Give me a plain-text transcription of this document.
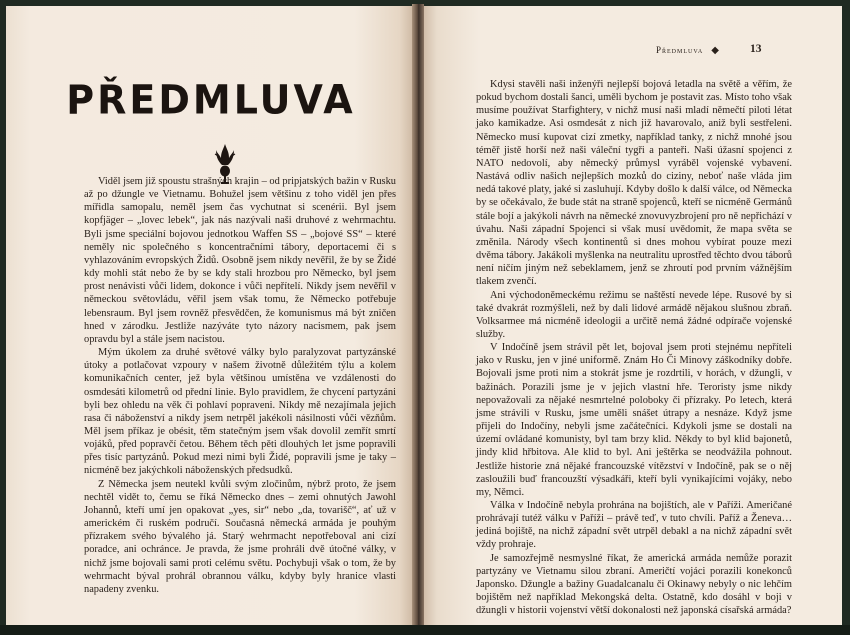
PŘEDMLUVA

Viděl jsem již spoustu strašných krajin – od pripjatských bažin v Rusku až po džungle ve Vietnamu. Bohužel jsem většinu z toho viděl jen přes mířidla samopalu, neměl jsem čas vychutnat si scenérii. Byl jsem kopfjäger – „lovec lebek“, jak nás nazývali naši druhové z wehrmachtu. Byli jsme speciální bojovou jednotkou Waffen SS – „bojové SS“ – které neměly nic společného s koncentračními tábory, deportacemi či s vyhlazováním evropských Židů. Osobně jsem nikdy nevěřil, že by se Židé kdy mohli stát nebo že by se kdy stali hrozbou pro Německo, byl jsem prost nenávisti vůči lidem, dokonce i vůči nepřítelí. Nikdy jsem nevěřil v německou světovládu, věřil jsem však tomu, že Německo potřebuje lebensraum. Byl jsem rovněž přesvědčen, že komunismus má být zničen hned v zárodku. Jestliže nazýváte tyto názory nacismem, pak jsem opravdu byl a stále jsem nacistou.

Mým úkolem za druhé světové války bylo paralyzovat partyzánské útoky a potlačovat vzpoury v našem životně důležitém týlu a kolem komunikačních center, jež byla většinou umístěna ve vzdálenosti do osmdesáti kilometrů od přední linie. Bylo pravidlem, že chycení partyzáni byli bez ohledu na věk či pohlaví popraveni. Nikdy mě nezajímala jejich rasa či náboženství a nikdy jsem netrpěl jakékoli násilnosti vůči vězňům. Měl jsem příkaz je obésit, těm statečným jsem však dovolil zemřít smrtí vojáků, před popravčí četou. Během těch pěti dlouhých let jsme popravili přes tisíc partyzánů. Pokud mezi nimi byli Židé, popravili jsme je taky – nicméně bez jakýchkoli náboženských předsudků.

Z Německa jsem neutekl kvůli svým zločinům, nýbrž proto, že jsem nechtěl vidět to, čemu se říká Německo dnes – zemi ohnutých Jawohl Johannů, kteří umí jen opakovat „yes, sir“ nebo „da, tovarišč“, ať už v americkém či ruském područí. Současná německá armáda je pouhým přízrakem svého bývalého já. Starý wehrmacht nepotřeboval ani cizí poradce, ani ochránce. Je pravda, že jsme prohráli dvě útočné války, v nichž jsme bojovali sami proti celému světu. Pochybuji však o tom, že by wehrmacht býval prohrál obrannou válku, kdyby byly hranice vlasti napadeny zvenku.

Předmluva ◆	13

Kdysi stavěli naši inženýři nejlepší bojová letadla na světě a věřím, že pokud bychom dostali šanci, uměli bychom je postavit zas. Místo toho však musíme používat Starfightery, v nichž musí naši mladí němečtí piloti létat jako kamikadze. Asi osmdesát z nich již havarovalo, aniž byli sestřeleni. Německo musí kupovat cizí zmetky, například tanky, z nichž mnohé jsou téměř jistě horší než naši váleční tygři a panteři. Naši úžasní spojenci z NATO nedovolí, aby německý průmysl vyráběl vojenské vybavení. Nastává odliv našich nejlepších mozků do ciziny, neboť naše vláda jim nedá takové platy, jaké si zasluhují. Kdyby došlo k další válce, od Německa by se očekávalo, že bude stát na straně spojenců, kteří se nicméně Germánů stále bojí a jakýkoli návrh na německé znovuvyzbrojení pro ně nepřichází v úvahu. Naši západní Spojenci si však musí uvědomit, že mapa světa se změnila. Národy všech kontinentů si dnes mohou vybírat pouze mezi dvěma tábory. Jakákoli myšlenka na neutralitu uprostřed těchto dvou táborů není ničím jiným než sebeklamem, jenž se zhroutí pod prvním vážnějším tlakem zvenčí.

Ani východoněmeckému režimu se naštěstí nevede lépe. Rusové by si také dvakrát rozmýšleli, než by dali lidové armádě nějakou slušnou zbraň. Volksarmee má nicméně ideologii a určitě nemá žádné odpírače vojenské služby.

V Indočíně jsem strávil pět let, bojoval jsem proti stejnému nepříteli jako v Rusku, jen v jiné uniformě. Znám Ho Či Minovy záškodníky dobře. Bojovali jsme proti nim a stokrát jsme je rozdrtili, v horách, v džungli, v bažinách. Porazili jsme je v jejich vlastní hře. Teroristy jsme nikdy nepovažovali za nějaké nesmrtelné poloboky či přízraky. Po letech, která jsme strávili v Rusku, jsme uměli snášet útrapy a nesnáze. Když jsme přijeli do Indočíny, nebyli jsme začátečníci. Kdykoli jsme se dostali na území ovládané komunisty, byl tam brzy klid. Někdy to byl klid bajonetů, jindy klid hřbitova. Ale klid to byl. Ani ještěrka se neodvážila pohnout. Jestliže historie zná nějaké francouzské vítězství v Indočíně, pak se o něj zasloužili buď francouzští výsadkáři, kteří byli vynikajícími vojáky, nebo my, Němci.

Válka v Indočíně nebyla prohrána na bojištích, ale v Paříži. Američané prohrávají tutéž válku v Paříži – právě teď, v tuto chvíli. Paříž a Ženeva… jediná bojiště, na nichž západní svět utrpěl debakl a na nichž západní svět vždy prohraje.

Je samozřejmě nesmyslné říkat, že americká armáda nemůže porazit partyzány ve Vietnamu silou zbraní. Američtí vojáci porazili konekonců Japonsko. Džungle a bažiny Guadalcanalu či Okinawy nebyly o nic lehčím bojištěm než například Mekongská delta. Ostatně, kdo dosáhl v boji v džungli v historii vojenství větší dokonalosti než japonská císařská armáda?
